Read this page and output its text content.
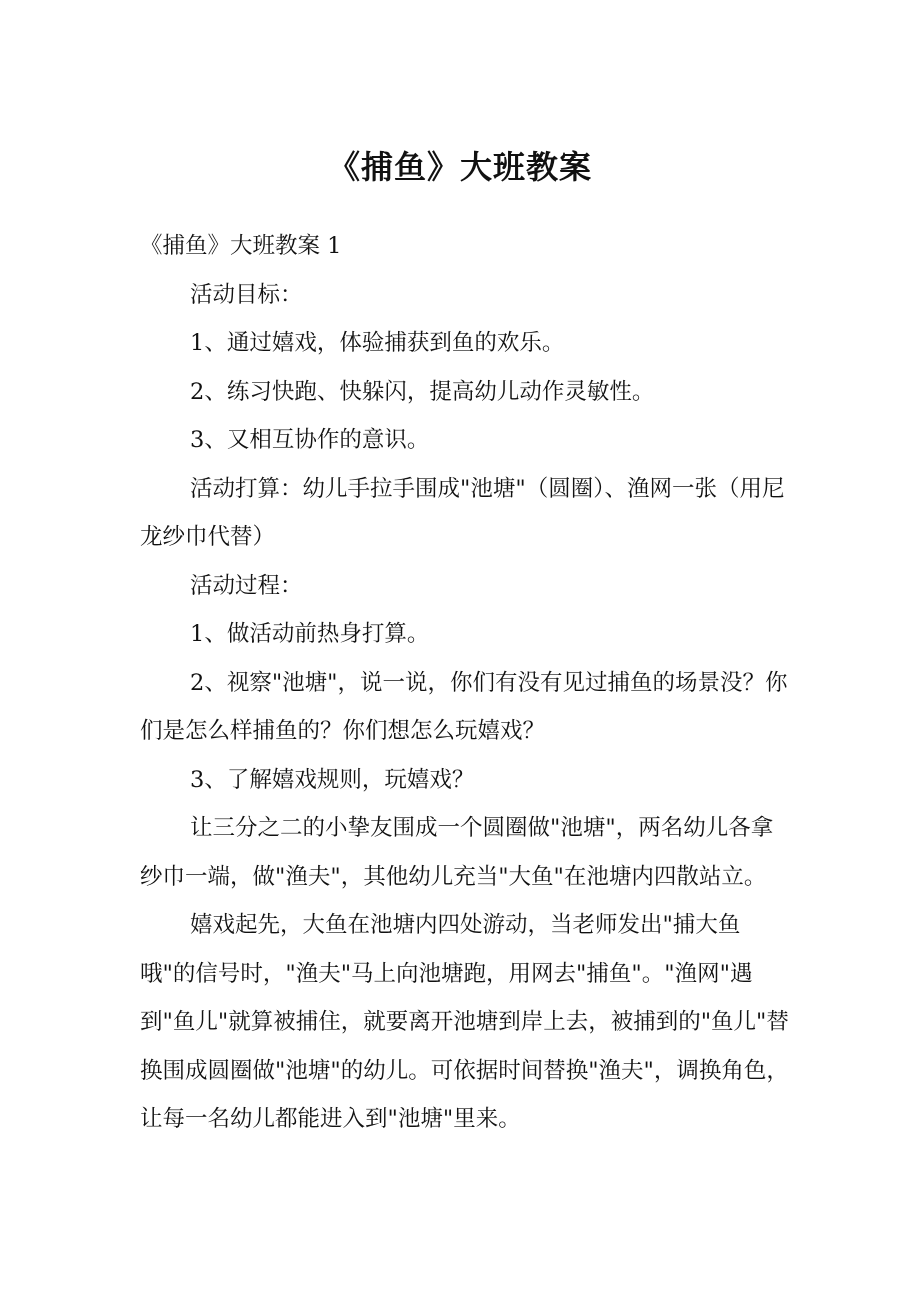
《捕鱼》大班教案

《捕鱼》大班教案 1

活动目标：

1、通过嬉戏，体验捕获到鱼的欢乐。

2、练习快跑、快躲闪，提高幼儿动作灵敏性。

3、又相互协作的意识。

活动打算：幼儿手拉手围成"池塘"（圆圈）、渔网一张（用尼龙纱巾代替）

活动过程：

1、做活动前热身打算。

2、视察"池塘"，说一说，你们有没有见过捕鱼的场景没？你们是怎么样捕鱼的？你们想怎么玩嬉戏？

3、了解嬉戏规则，玩嬉戏？

让三分之二的小挚友围成一个圆圈做"池塘"，两名幼儿各拿纱巾一端，做"渔夫"，其他幼儿充当"大鱼"在池塘内四散站立。

嬉戏起先，大鱼在池塘内四处游动，当老师发出"捕大鱼哦"的信号时，"渔夫"马上向池塘跑，用网去"捕鱼"。"渔网"遇到"鱼儿"就算被捕住，就要离开池塘到岸上去，被捕到的"鱼儿"替换围成圆圈做"池塘"的幼儿。可依据时间替换"渔夫"，调换角色，让每一名幼儿都能进入到"池塘"里来。
